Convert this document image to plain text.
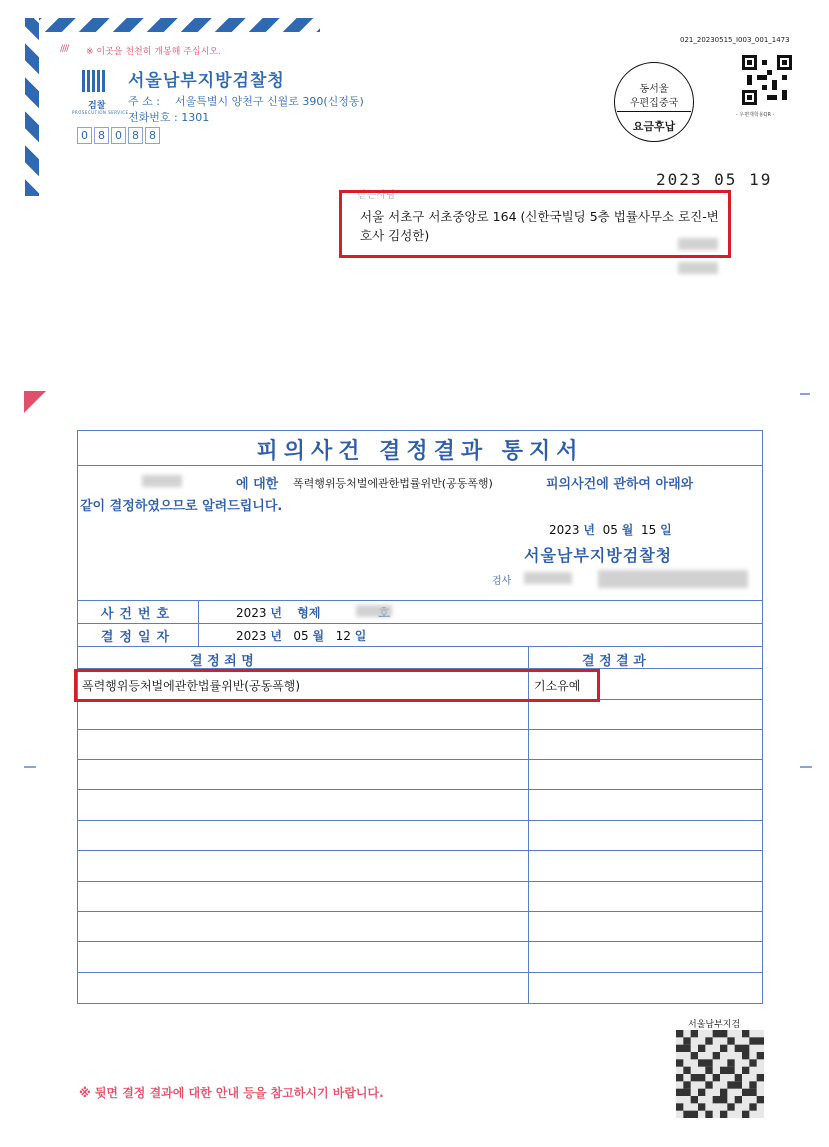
//// ※ 이곳을 천천히 개봉해 주십시오.
검찰
PROSECUTION SERVICE
서울남부지방검찰청
주 소 : 서울특별시 양천구 신월로 390(신정동)
전화번호 : 1301
0 8 0 8 8
021_20230515_I003_001_1473
- 우편재학용QR -
동서울
우편집중국
요금후납
2023 05 19
받는사람
서울 서초구 서초중앙로 164 (신한국빌딩 5층 법률사무소 로진-변호사 김성한)
피의사건 결정결과 통지서
에 대한 폭력행위등처벌에관한법률위반(공동폭행)	피의사건에 관하여 아래와
같이 결정하였으므로 알려드립니다.
2023 년 05 월 15 일
서울남부지방검찰청
검사
사건번호	2023 년 형제
결정일자	2023 년 05 월 12 일
결 정 죄 명	결 정 결 과
폭력행위등처벌에관한법률위반(공동폭행)	기소유예
서울남부지검
※ 뒷면 결정 결과에 대한 안내 등을 참고하시기 바랍니다.
